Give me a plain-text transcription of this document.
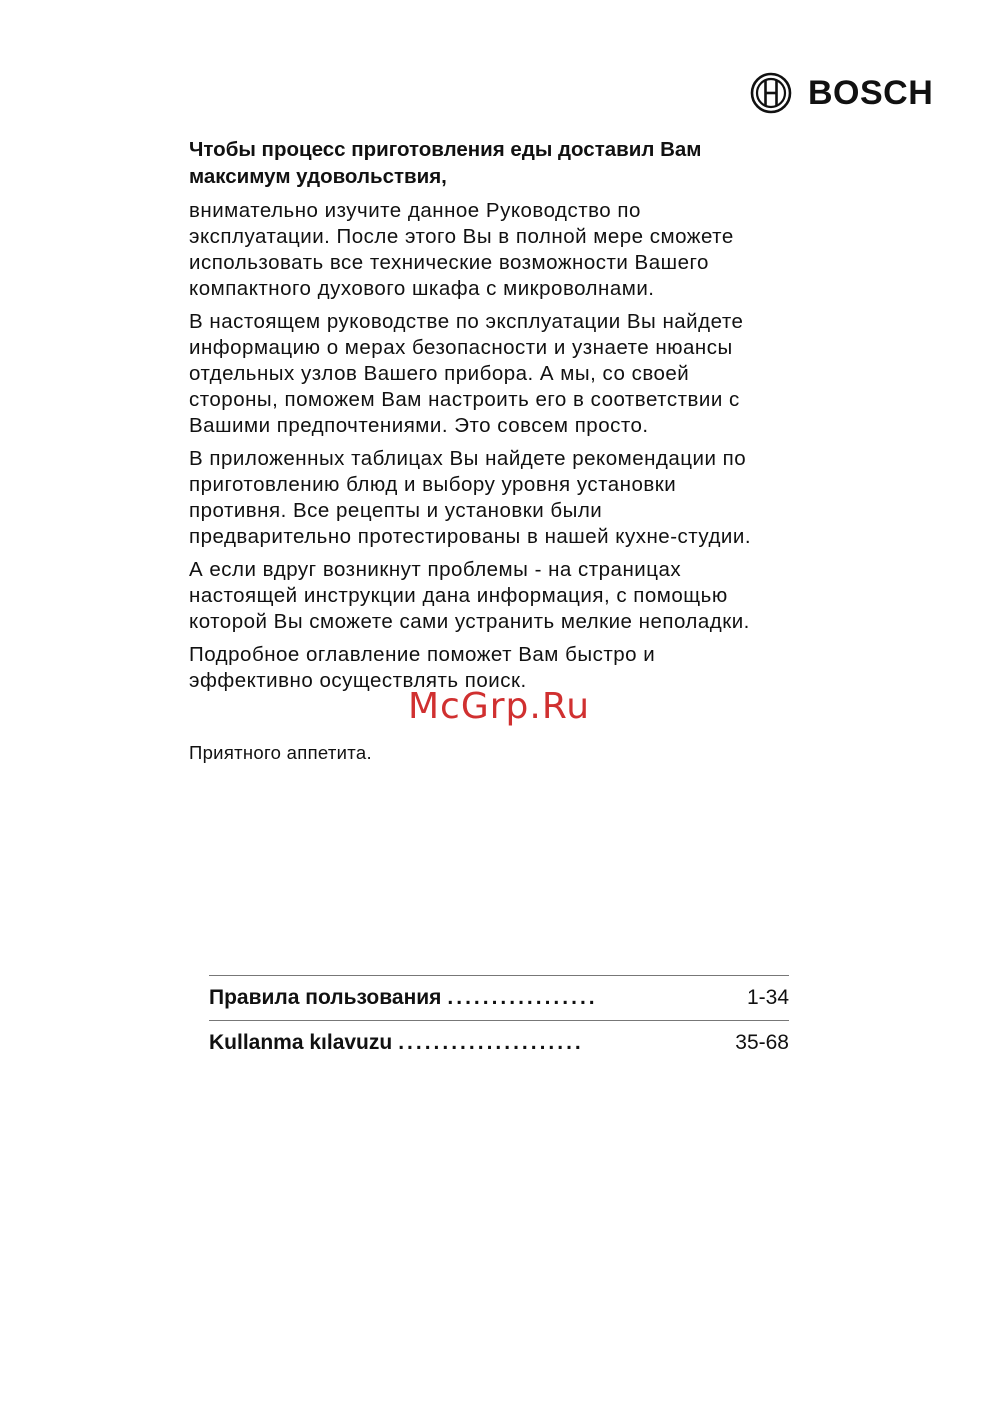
BOSCH
Чтобы процесс приготовления еды доставил Вам
максимум удовольствия,

внимательно изучите данное Руководство по
эксплуатации. После этого Вы в полной мере сможете
использовать все технические возможности Вашего
компактного духового шкафа с микроволнами.

В настоящем руководстве по эксплуатации Вы найдете
информацию о мерах безопасности и узнаете нюансы
отдельных узлов Вашего прибора. А мы, со своей
стороны, поможем Вам настроить его в соответствии с
Вашими предпочтениями. Это совсем просто.

В приложенных таблицах Вы найдете рекомендации по
приготовлению блюд и выбору уровня установки
противня. Все рецепты и установки были
предварительно протестированы в нашей кухне-студии.

А если вдруг возникнут проблемы - на страницах
настоящей инструкции дана информация, с помощью
которой Вы сможете сами устранить мелкие неполадки.

Подробное оглавление поможет Вам быстро и
эффективно осуществлять поиск.

Приятного аппетита.

McGrp.Ru
Правила пользования .................	1-34
Kullanma kılavuzu .....................	35-68
